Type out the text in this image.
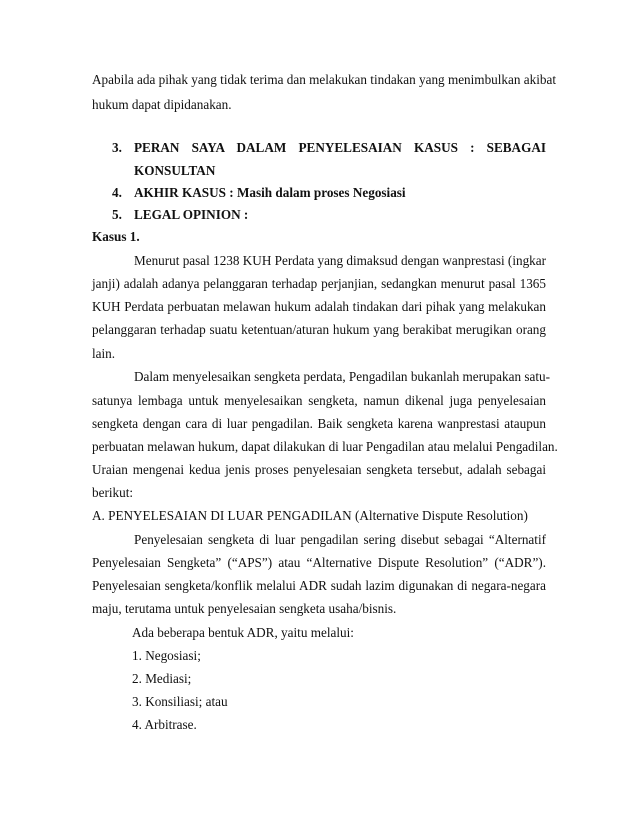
Apabila ada pihak yang tidak terima dan melakukan tindakan yang menimbulkan akibat
hukum dapat dipidanakan.
3. PERAN SAYA DALAM PENYELESAIAN KASUS : SEBAGAI
KONSULTAN
4. AKHIR KASUS : Masih dalam proses Negosiasi
5. LEGAL OPINION :
Kasus 1.
Menurut pasal 1238 KUH Perdata yang dimaksud dengan wanprestasi (ingkar
janji) adalah adanya pelanggaran terhadap perjanjian, sedangkan menurut pasal 1365
KUH Perdata perbuatan melawan hukum adalah tindakan dari pihak yang melakukan
pelanggaran terhadap suatu ketentuan/aturan hukum yang berakibat merugikan orang
lain.
Dalam menyelesaikan sengketa perdata, Pengadilan bukanlah merupakan satu-
satunya lembaga untuk menyelesaikan sengketa, namun dikenal juga penyelesaian
sengketa dengan cara di luar pengadilan. Baik sengketa karena wanprestasi ataupun
perbuatan melawan hukum, dapat dilakukan di luar Pengadilan atau melalui Pengadilan.
Uraian mengenai kedua jenis proses penyelesaian sengketa tersebut, adalah sebagai
berikut:
A. PENYELESAIAN DI LUAR PENGADILAN (Alternative Dispute Resolution)
Penyelesaian sengketa di luar pengadilan sering disebut sebagai “Alternatif
Penyelesaian Sengketa” (“APS”) atau “Alternative Dispute Resolution” (“ADR”).
Penyelesaian sengketa/konflik melalui ADR sudah lazim digunakan di negara-negara
maju, terutama untuk penyelesaian sengketa usaha/bisnis.
Ada beberapa bentuk ADR, yaitu melalui:
1. Negosiasi;
2. Mediasi;
3. Konsiliasi; atau
4. Arbitrase.
